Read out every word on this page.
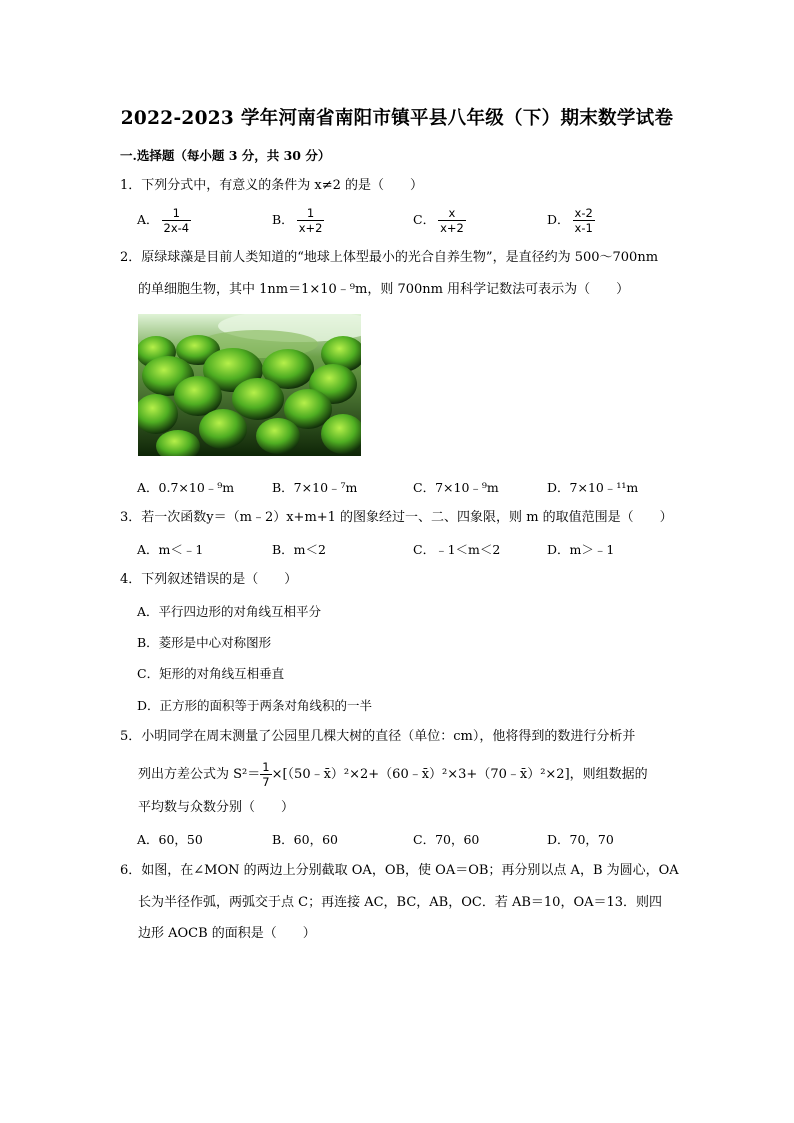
2022-2023 学年河南省南阳市镇平县八年级（下）期末数学试卷
一.选择题（每小题 3 分，共 30 分）
1．下列分式中，有意义的条件为 x≠2 的是（　　）
A． $\frac{1}{2x-4}$	B． $\frac{1}{x+2}$	C． $\frac{x}{x+2}$	D． $\frac{x-2}{x-1}$
2．原绿球藻是目前人类知道的“地球上体型最小的光合自养生物”，是直径约为 500～700nm
的单细胞生物，其中 1nm＝1×10﹣⁹m，则 700nm 用科学记数法可表示为（　　）
A．0.7×10﹣⁹m	B．7×10﹣⁷m	C．7×10﹣⁹m	D．7×10﹣¹¹m
3．若一次函数y＝（m﹣2）x+m+1 的图象经过一、二、四象限，则 m 的取值范围是（　　）
A．m＜﹣1	B．m＜2	C．﹣1＜m＜2	D．m＞﹣1
4．下列叙述错误的是（　　）
A．平行四边形的对角线互相平分
B．菱形是中心对称图形
C．矩形的对角线互相垂直
D．正方形的面积等于两条对角线积的一半
5．小明同学在周末测量了公园里几棵大树的直径（单位：cm），他将得到的数进行分析并
列出方差公式为 $S^2= \frac{1}{7}$ ×[（50﹣x̄）²×2+（60﹣x̄）²×3+（70﹣x̄）²×2]，则组数据的
平均数与众数分别（　　）
A．60，50	B．60，60	C．70，60	D．70，70
6．如图，在∠MON 的两边上分别截取 OA，OB，使 OA＝OB；再分别以点 A，B 为圆心，OA
长为半径作弧，两弧交于点 C；再连接 AC，BC，AB，OC．若 AB＝10，OA＝13．则四
边形 AOCB 的面积是（　　）
